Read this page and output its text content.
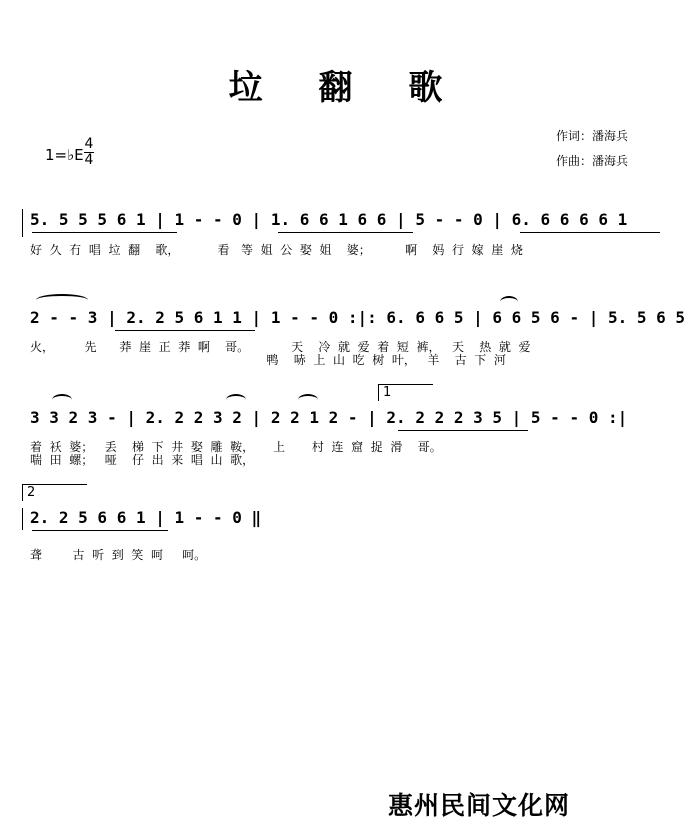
垃 翻 歌
作词：潘海兵
作曲：潘海兵
1=♭E
4
4
5. 5 5 5 6 1 | 1 - - 0 | 1. 6 6 1 6 6 | 5 - - 0 | 6. 6 6 6 6 1
好  久  冇  唱  垃  翻    歌，          看   等  姐  公  娶  姐    婆；         啊    妈  行  嫁  崖  烧
2 - - 3 | 2. 2 5 6 1 1 | 1 - - 0 :|: 6. 6 6 5 | 6 6 5 6 - | 5. 5 6 5
火，        先      莽  崖  正  莽  啊    哥。           天    冷  就  爱  着  短  裤，   天    热  就  爱
鸭    哧  上  山  吃  树  叶，   羊    古  下  河
1
3 3 2 3 - | 2. 2 2 3 2 | 2 2 1 2 - | 2. 2 2 2 3 5 | 5 - - 0 :|
着  袄  婆；   丢    梯  下  井  娶  雕  鞍，     上       村  连  窟  捉  滑    哥。
喘  田  螺；   哑    仔  出  来  唱  山  歌，
2
2. 2 5 6 6 1 | 1 - - 0 ‖
聋        古  听  到  笑  呵     呵。
惠州民间文化网
